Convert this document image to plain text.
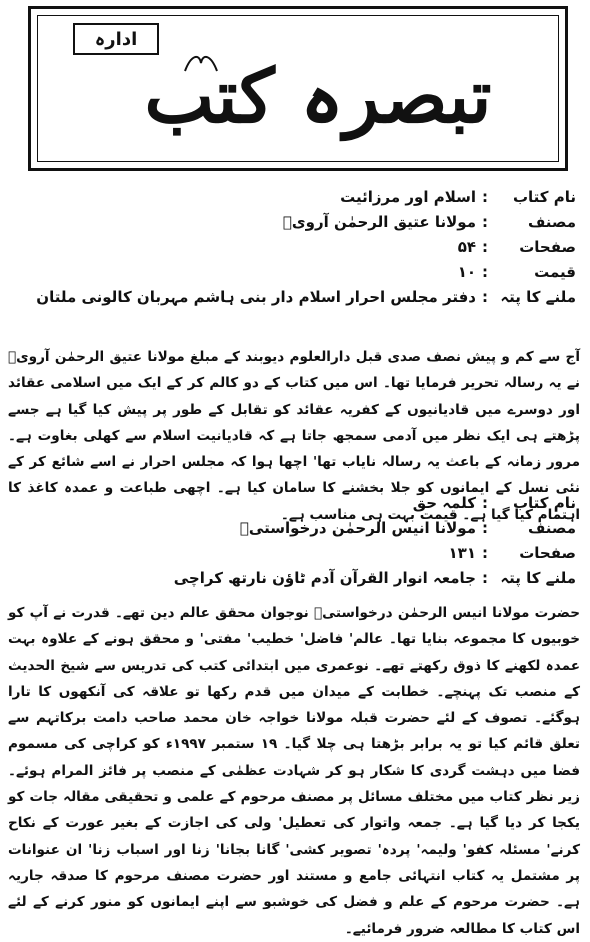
ادارہ
تبصرہ کتب
نام کتاب
:
اسلام اور مرزائیت
مصنف
:
مولانا عتیق الرحمٰن آرویؒ
صفحات
:
۵۴
قیمت
:
۱۰
ملنے کا پتہ
:
دفتر مجلس احرار اسلام دار بنی ہاشم مہربان کالونی ملتان
آج سے کم و پیش نصف صدی قبل دارالعلوم دیوبند کے مبلغ مولانا عتیق الرحمٰن آرویؒ نے یہ رسالہ تحریر فرمایا تھا۔ اس میں کتاب کے دو کالم کر کے ایک میں اسلامی عقائد اور دوسرے میں قادیانیوں کے کفریہ عقائد کو تقابل کے طور پر پیش کیا گیا ہے جسے پڑھتے ہی ایک نظر میں آدمی سمجھ جاتا ہے کہ قادیانیت اسلام سے کھلی بغاوت ہے۔ مرور زمانہ کے باعث یہ رسالہ نایاب تھا' اچھا ہوا کہ مجلس احرار نے اسے شائع کر کے نئی نسل کے ایمانوں کو جلا بخشنے کا سامان کیا ہے۔ اچھی طباعت و عمدہ کاغذ کا اہتمام کیا گیا ہے۔ قیمت بہت ہی مناسب ہے۔
نام کتاب
:
کلمہ حق
مصنف
:
مولانا انیس الرحمٰن درخواستیؒ
صفحات
:
۱۳۱
ملنے کا پتہ
:
جامعہ انوار القرآن آدم ٹاؤن نارتھ کراچی
حضرت مولانا انیس الرحمٰن درخواستیؒ نوجوان محقق عالم دین تھے۔ قدرت نے آپ کو خوبیوں کا مجموعہ بنایا تھا۔ عالم' فاضل' خطیب' مفتی' و محقق ہونے کے علاوہ بہت عمدہ لکھنے کا ذوق رکھتے تھے۔ نوعمری میں ابتدائی کتب کی تدریس سے شیخ الحدیث کے منصب تک پہنچے۔ خطابت کے میدان میں قدم رکھا تو علاقہ کی آنکھوں کا تارا ہوگئے۔ تصوف کے لئے حضرت قبلہ مولانا خواجہ خان محمد صاحب دامت برکاتہم سے تعلق قائم کیا تو یہ برابر بڑھتا ہی چلا گیا۔ ۱۹ ستمبر ۱۹۹۷ء کو کراچی کی مسموم فضا میں دہشت گردی کا شکار ہو کر شہادت عظمٰی کے منصب پر فائز المرام ہوئے۔ زیر نظر کتاب میں مختلف مسائل پر مصنف مرحوم کے علمی و تحقیقی مقالہ جات کو یکجا کر دیا گیا ہے۔ جمعہ واتوار کی تعطیل' ولی کی اجازت کے بغیر عورت کے نکاح کرنے' مسئلہ کفو' ولیمہ' پردہ' تصویر کشی' گانا بجانا' زنا اور اسباب زنا' ان عنوانات پر مشتمل یہ کتاب انتہائی جامع و مستند اور حضرت مصنف مرحوم کا صدقہ جاریہ ہے۔ حضرت مرحوم کے علم و فضل کی خوشبو سے اپنے ایمانوں کو منور کرنے کے لئے اس کتاب کا مطالعہ ضرور فرمائیے۔
